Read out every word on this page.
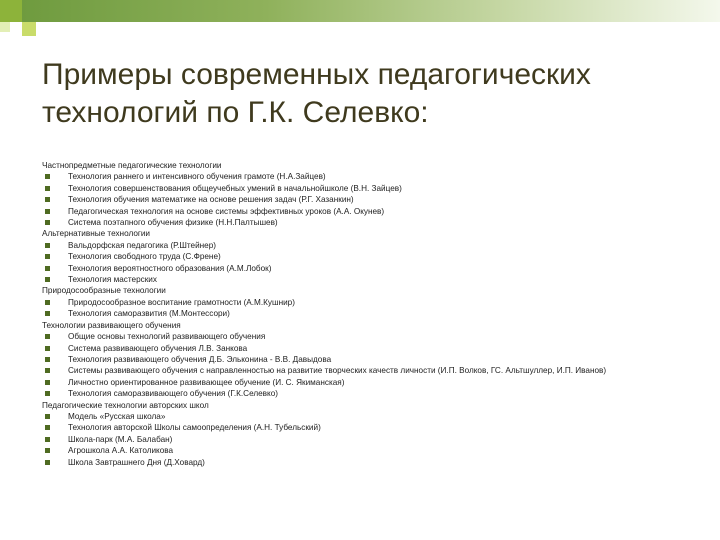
Примеры современных педагогических
технологий по Г.К. Селевко:
Частнопредметные педагогические технологии
Технология раннего и интенсивного обучения грамоте (Н.А.Зайцев)
Технология совершенствования общеучебных умений в начальнойшколе (В.Н. Зайцев)
Технология обучения математике на основе решения задач (Р.Г. Хазанкин)
Педагогическая технология на основе системы эффективных уроков (А.А. Окунев)
Система поэтапного обучения физике (Н.Н.Палтышев)
Альтернативные технологии
Вальдорфская педагогика (Р.Штейнер)
Технология свободного труда (С.Френе)
Технология вероятностного образования (А.М.Лобок)
Технология мастерских
Природосообразные технологии
Природосообразное воспитание грамотности (А.М.Кушнир)
Технология саморазвития (М.Монтессори)
Технологии развивающего обучения
Общие основы технологий развивающего обучения
Система развивающего обучения Л.В. Занкова
Технология развивающего обучения Д.Б. Эльконина - В.В. Давыдова
Системы развивающего обучения с направленностью на развитие творческих качеств личности (И.П. Волков, ГС. Альтшуллер, И.П. Иванов)
Личностно ориентированное развивающее обучение (И. С. Якиманская)
Технология саморазвивающего обучения (Г.К.Селевко)
Педагогические технологии авторских школ
Модель «Русская школа»
Технология авторской Школы самоопределения (А.Н. Тубельский)
Школа-парк (М.А. Балабан)
Агрошкола А.А. Католикова
Школа Завтрашнего Дня (Д.Ховард)
